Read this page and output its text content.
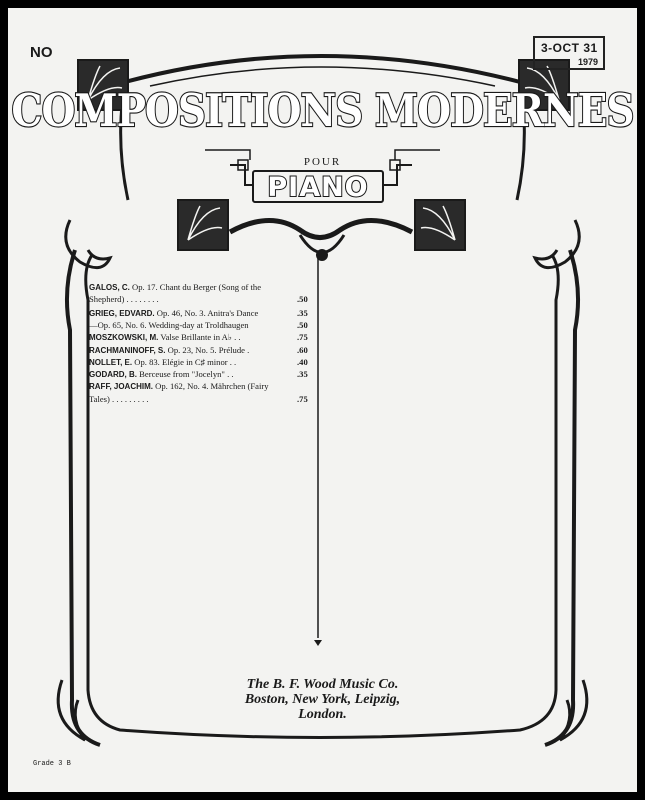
NO	3-OCT 31
1979
COMPOSITIONS MODERNES
POUR
PIANO
GALOS, C. Op. 17. Chant du Berger (Song of the
Shepherd) . . . . . . . .	.50
GRIEG, EDVARD. Op. 46, No. 3. Anitra's Dance	.35
—Op. 65, No. 6. Wedding-day at Troldhaugen	.50
MOSZKOWSKI, M. Valse Brillante in A♭ . .	.75
RACHMANINOFF, S. Op. 23, No. 5. Prélude .	.60
NOLLET, E. Op. 83. Elégie in C♯ minor . .	.40
GODARD, B. Berceuse from "Jocelyn" . .	.35
RAFF, JOACHIM. Op. 162, No. 4. Mährchen (Fairy
Tales) . . . . . . . . .	.75
The B. F. Wood Music Co.
Boston, New York, Leipzig,
London.
Grade 3 B
